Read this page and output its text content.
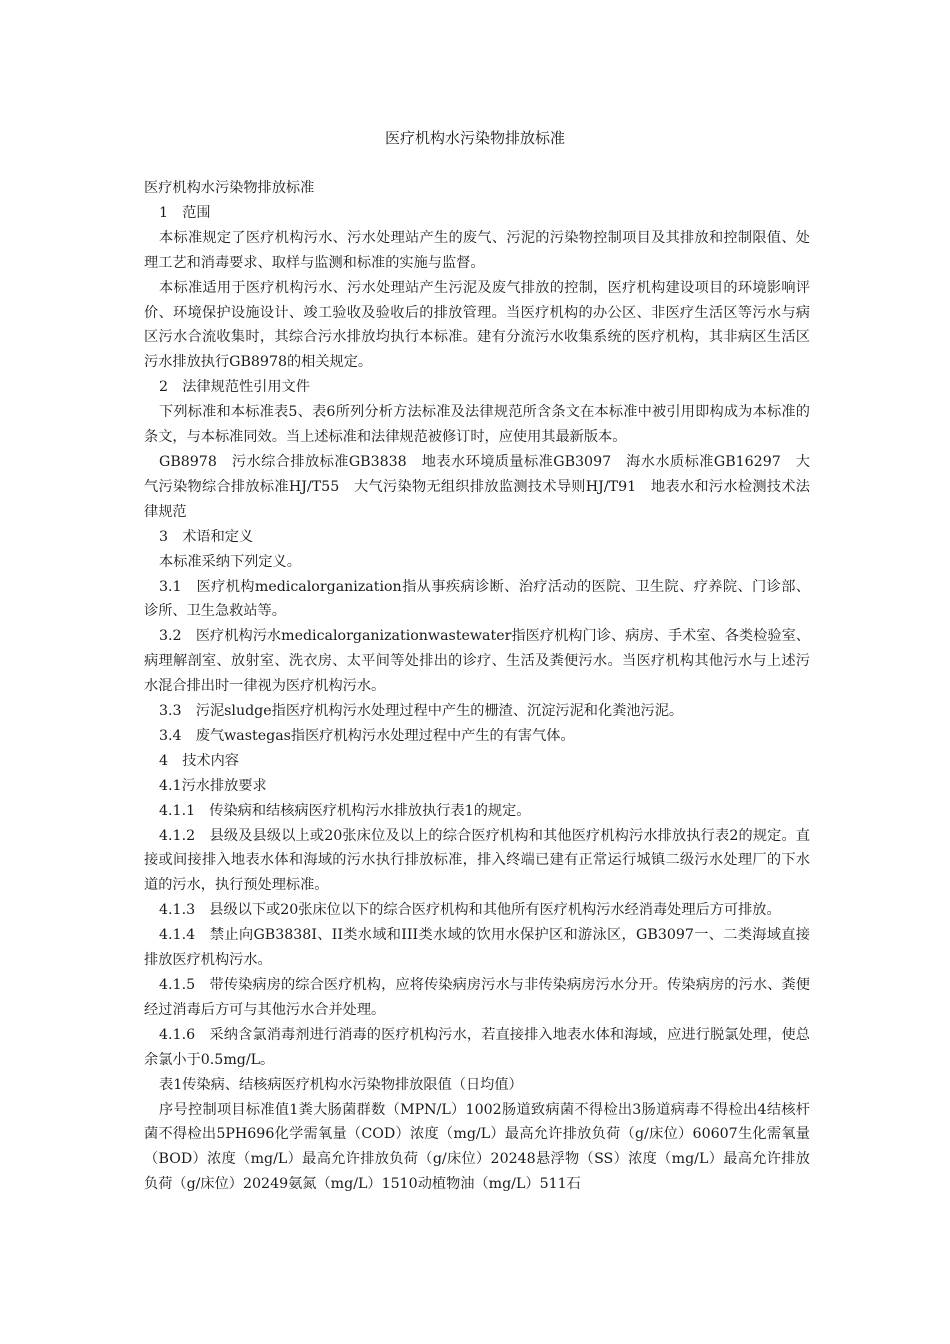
医疗机构水污染物排放标准

医疗机构水污染物排放标准

1　范围

本标准规定了医疗机构污水、污水处理站产生的废气、污泥的污染物控制项目及其排放和控制限值、处理工艺和消毒要求、取样与监测和标准的实施与监督。

本标准适用于医疗机构污水、污水处理站产生污泥及废气排放的控制，医疗机构建设项目的环境影响评价、环境保护设施设计、竣工验收及验收后的排放管理。当医疗机构的办公区、非医疗生活区等污水与病区污水合流收集时，其综合污水排放均执行本标准。建有分流污水收集系统的医疗机构，其非病区生活区污水排放执行GB8978的相关规定。

2　法律规范性引用文件

下列标准和本标准表5、表6所列分析方法标准及法律规范所含条文在本标准中被引用即构成为本标准的条文，与本标准同效。当上述标准和法律规范被修订时，应使用其最新版本。

GB8978　污水综合排放标准GB3838　地表水环境质量标准GB3097　海水水质标准GB16297　大气污染物综合排放标准HJ/T55　大气污染物无组织排放监测技术导则HJ/T91　地表水和污水检测技术法律规范

3　术语和定义

本标准采纳下列定义。

3.1　医疗机构medicalorganization指从事疾病诊断、治疗活动的医院、卫生院、疗养院、门诊部、诊所、卫生急救站等。

3.2　医疗机构污水medicalorganizationwastewater指医疗机构门诊、病房、手术室、各类检验室、病理解剖室、放射室、洗衣房、太平间等处排出的诊疗、生活及粪便污水。当医疗机构其他污水与上述污水混合排出时一律视为医疗机构污水。

3.3　污泥sludge指医疗机构污水处理过程中产生的栅渣、沉淀污泥和化粪池污泥。

3.4　废气wastegas指医疗机构污水处理过程中产生的有害气体。

4　技术内容

4.1污水排放要求

4.1.1　传染病和结核病医疗机构污水排放执行表1的规定。

4.1.2　县级及县级以上或20张床位及以上的综合医疗机构和其他医疗机构污水排放执行表2的规定。直接或间接排入地表水体和海域的污水执行排放标准，排入终端已建有正常运行城镇二级污水处理厂的下水道的污水，执行预处理标准。

4.1.3　县级以下或20张床位以下的综合医疗机构和其他所有医疗机构污水经消毒处理后方可排放。

4.1.4　禁止向GB3838I、II类水域和III类水域的饮用水保护区和游泳区，GB3097一、二类海域直接排放医疗机构污水。

4.1.5　带传染病房的综合医疗机构，应将传染病房污水与非传染病房污水分开。传染病房的污水、粪便经过消毒后方可与其他污水合并处理。

4.1.6　采纳含氯消毒剂进行消毒的医疗机构污水，若直接排入地表水体和海域，应进行脱氯处理，使总余氯小于0.5mg/L。

表1传染病、结核病医疗机构水污染物排放限值（日均值）

序号控制项目标准值1粪大肠菌群数（MPN/L）1002肠道致病菌不得检出3肠道病毒不得检出4结核杆菌不得检出5PH696化学需氧量（COD）浓度（mg/L）最高允许排放负荷（g/床位）60607生化需氧量（BOD）浓度（mg/L）最高允许排放负荷（g/床位）20248悬浮物（SS）浓度（mg/L）最高允许排放负荷（g/床位）20249氨氮（mg/L）1510动植物油（mg/L）511石
